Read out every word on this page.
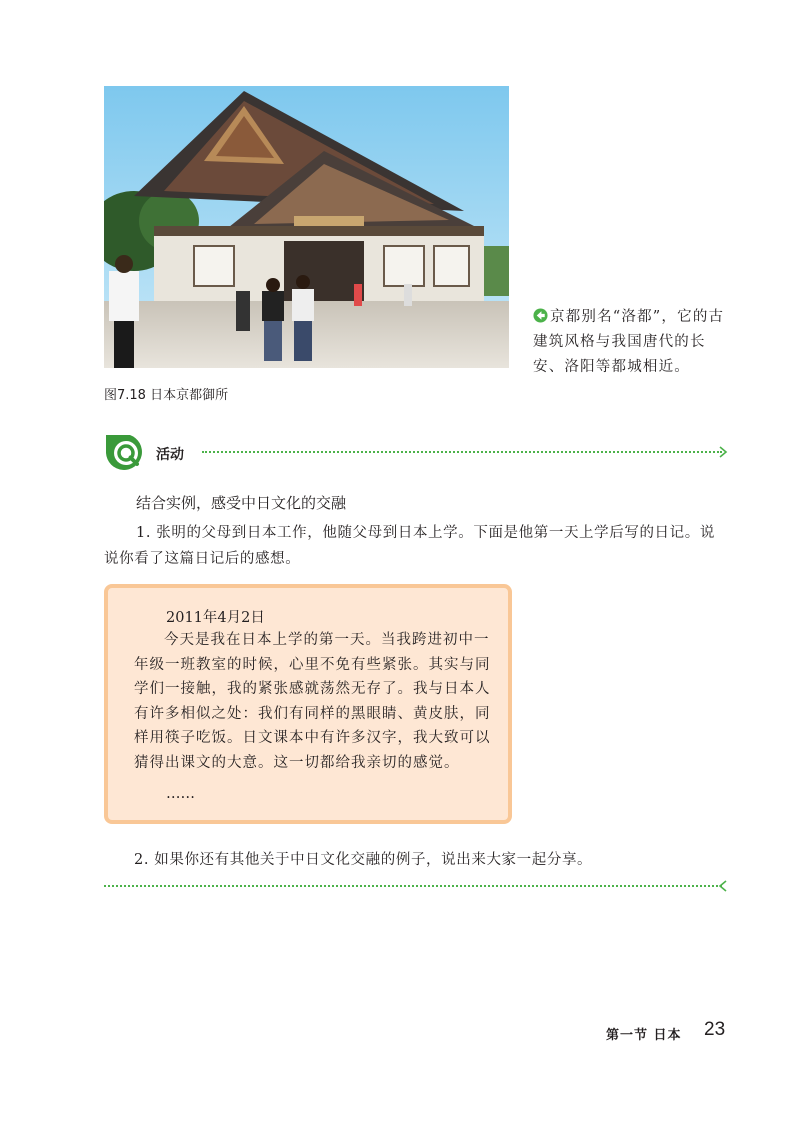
图7.18 日本京都御所
京都别名“洛都”，它的古建筑风格与我国唐代的长安、洛阳等都城相近。
活动
结合实例，感受中日文化的交融
1. 张明的父母到日本工作，他随父母到日本上学。下面是他第一天上学后写的日记。说说你看了这篇日记后的感想。
2011年4月2日
今天是我在日本上学的第一天。当我跨进初中一年级一班教室的时候，心里不免有些紧张。其实与同学们一接触，我的紧张感就荡然无存了。我与日本人有许多相似之处：我们有同样的黑眼睛、黄皮肤，同样用筷子吃饭。日文课本中有许多汉字，我大致可以猜得出课文的大意。这一切都给我亲切的感觉。
……
2. 如果你还有其他关于中日文化交融的例子，说出来大家一起分享。
第一节 日本 23
